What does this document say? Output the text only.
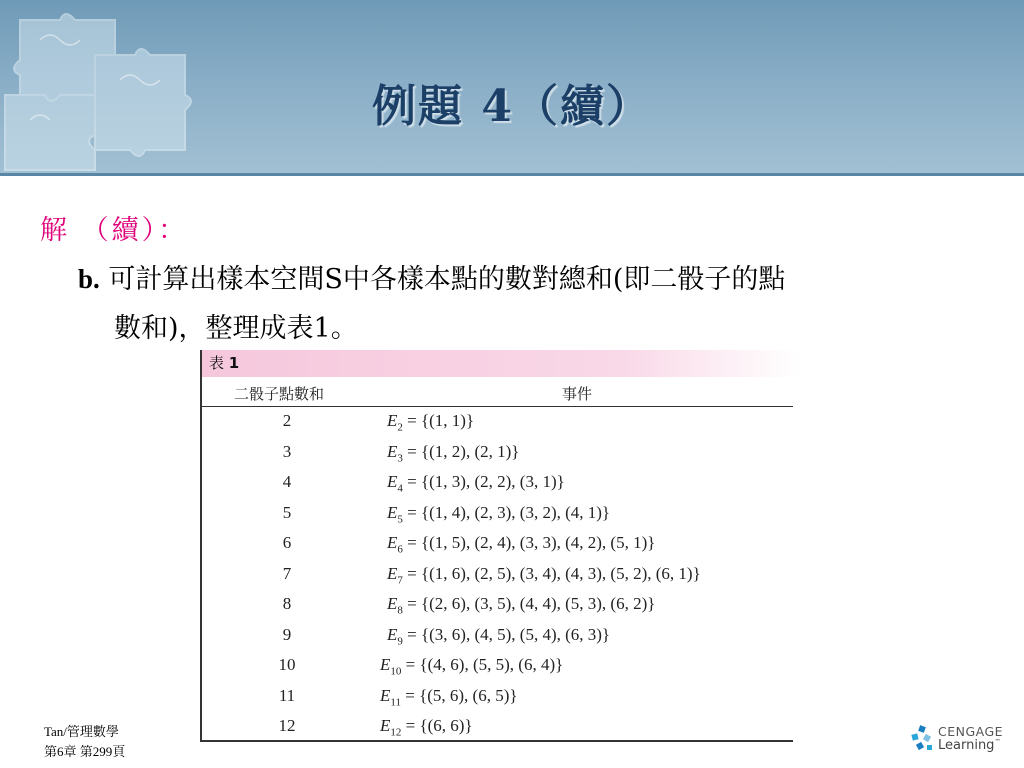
例題 4（續）
解 （續）：
b. 可計算出樣本空間S中各樣本點的數對總和(即二骰子的點
數和)，整理成表1。
表 1
二骰子點數和	事件
2	$E_2 = \{(1$, 1)}
3	$E_3 = \{(1$, 2), (2, 1)}
4	$E_4 = \{(1$, 3), (2, 2), (3, 1)}
5	$E_5 = \{(1$, 4), (2, 3), (3, 2), (4, 1)}
6	$E_6 = \{(1$, 5), (2, 4), (3, 3), (4, 2), (5, 1)}
7	$E_7 = \{(1$, 6), (2, 5), (3, 4), (4, 3), (5, 2), (6, 1)}
8	$E_8 = \{(2$, 6), (3, 5), (4, 4), (5, 3), (6, 2)}
9	$E_9 = \{(3$, 6), (4, 5), (5, 4), (6, 3)}
10	$E_{10} = \{(4$, 6), (5, 5), (6, 4)}
11	$E_{11} = \{(5$, 6), (6, 5)}
12	$E_{12} = \{(6$, 6)}
Tan/管理數學
第6章 第299頁
CENGAGE
Learning™
